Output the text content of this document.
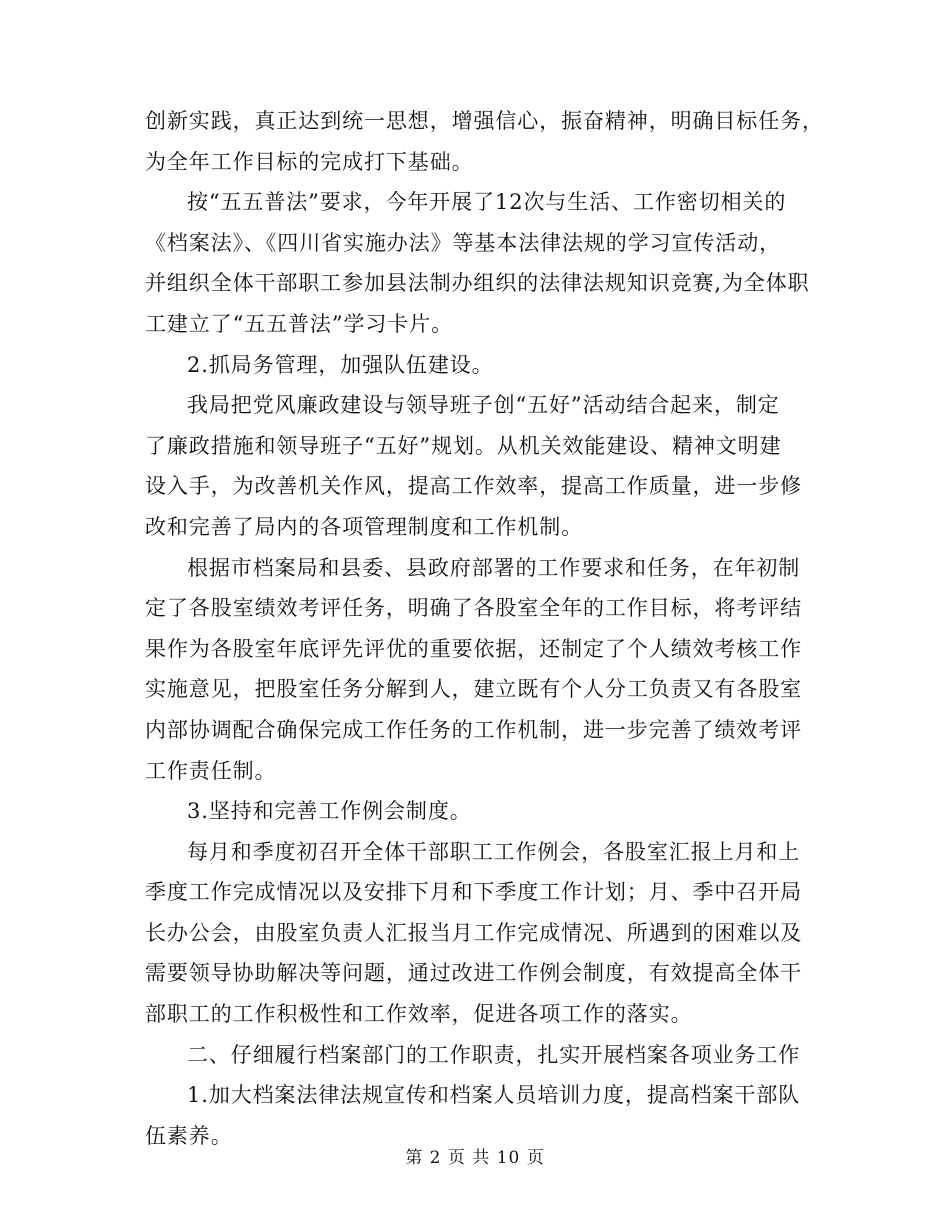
创新实践，真正达到统一思想，增强信心，振奋精神，明确目标任务，
为全年工作目标的完成打下基础。
按“五五普法”要求，今年开展了12次与生活、工作密切相关的
《档案法》、《四川省实施办法》等基本法律法规的学习宣传活动，
并组织全体干部职工参加县法制办组织的法律法规知识竞赛,为全体职
工建立了“五五普法”学习卡片。
2.抓局务管理，加强队伍建设。
我局把党风廉政建设与领导班子创“五好”活动结合起来，制定
了廉政措施和领导班子“五好”规划。从机关效能建设、精神文明建
设入手，为改善机关作风，提高工作效率，提高工作质量，进一步修
改和完善了局内的各项管理制度和工作机制。
根据市档案局和县委、县政府部署的工作要求和任务，在年初制
定了各股室绩效考评任务，明确了各股室全年的工作目标，将考评结
果作为各股室年底评先评优的重要依据，还制定了个人绩效考核工作
实施意见，把股室任务分解到人，建立既有个人分工负责又有各股室
内部协调配合确保完成工作任务的工作机制，进一步完善了绩效考评
工作责任制。
3.坚持和完善工作例会制度。
每月和季度初召开全体干部职工工作例会，各股室汇报上月和上
季度工作完成情况以及安排下月和下季度工作计划；月、季中召开局
长办公会，由股室负责人汇报当月工作完成情况、所遇到的困难以及
需要领导协助解决等问题，通过改进工作例会制度，有效提高全体干
部职工的工作积极性和工作效率，促进各项工作的落实。
二、仔细履行档案部门的工作职责，扎实开展档案各项业务工作
1.加大档案法律法规宣传和档案人员培训力度，提高档案干部队
伍素养。
第 2 页 共 10 页
